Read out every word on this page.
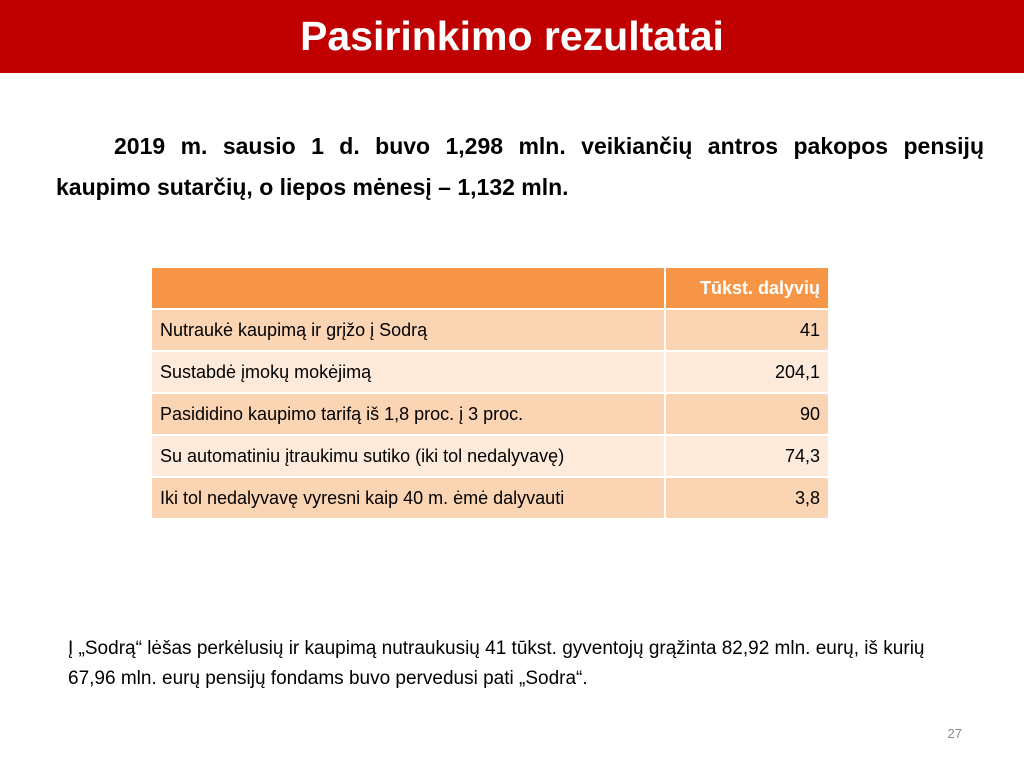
Pasirinkimo rezultatai

2019 m. sausio 1 d. buvo 1,298 mln. veikiančių antros pakopos pensijų kaupimo sutarčių, o liepos mėnesį – 1,132 mln.

	Tūkst. dalyvių
Nutraukė kaupimą ir grįžo į Sodrą	41
Sustabdė įmokų mokėjimą	204,1
Pasididino kaupimo tarifą iš 1,8 proc. į 3 proc.	90
Su automatiniu įtraukimu sutiko (iki tol nedalyvavę)	74,3
Iki tol nedalyvavę vyresni kaip 40 m. ėmė dalyvauti	3,8

Į „Sodrą“ lėšas perkėlusių ir kaupimą nutraukusių 41 tūkst. gyventojų grąžinta 82,92 mln. eurų, iš kurių 67,96 mln. eurų pensijų fondams buvo pervedusi pati „Sodra“.

27
